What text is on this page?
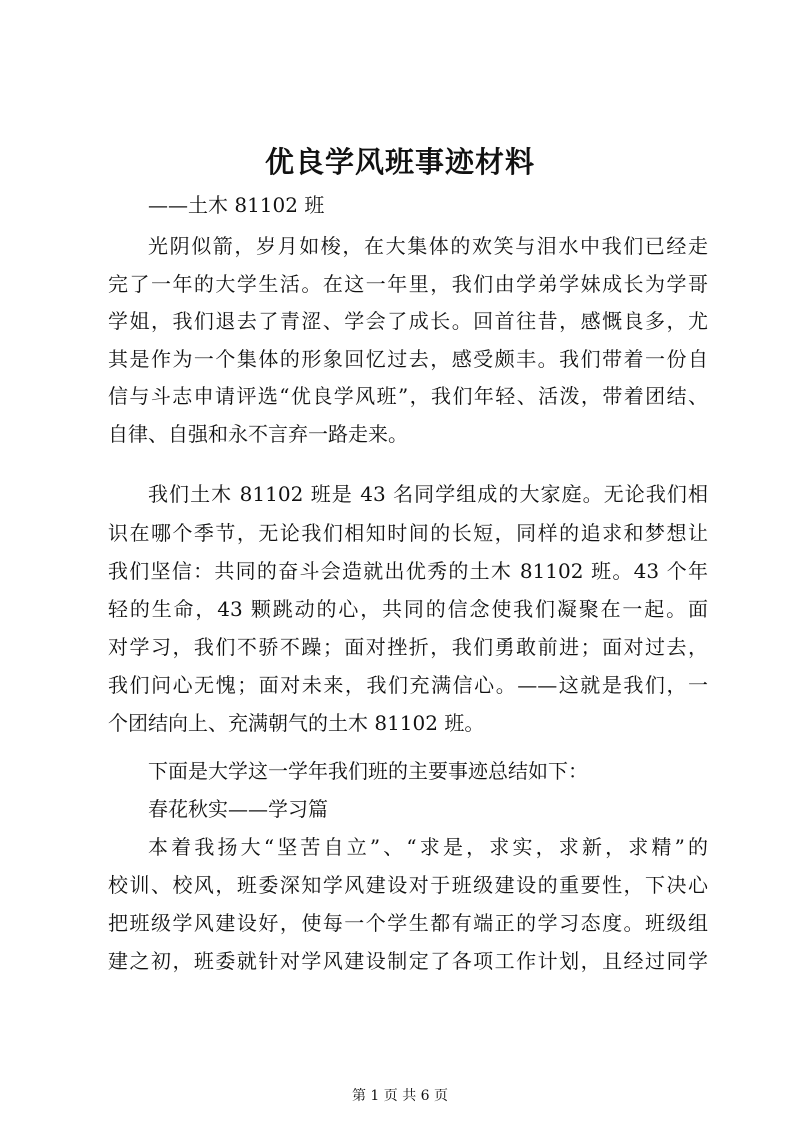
优良学风班事迹材料
——土木 81102 班
光阴似箭，岁月如梭，在大集体的欢笑与泪水中我们已经走
完了一年的大学生活。在这一年里，我们由学弟学妹成长为学哥
学姐，我们退去了青涩、学会了成长。回首往昔，感慨良多，尤
其是作为一个集体的形象回忆过去，感受颇丰。我们带着一份自
信与斗志申请评选“优良学风班”，我们年轻、活泼，带着团结、
自律、自强和永不言弃一路走来。
我们土木 81102 班是 43 名同学组成的大家庭。无论我们相
识在哪个季节，无论我们相知时间的长短，同样的追求和梦想让
我们坚信：共同的奋斗会造就出优秀的土木 81102 班。43 个年
轻的生命，43 颗跳动的心，共同的信念使我们凝聚在一起。面
对学习，我们不骄不躁；面对挫折，我们勇敢前进；面对过去，
我们问心无愧；面对未来，我们充满信心。——这就是我们，一
个团结向上、充满朝气的土木 81102 班。
下面是大学这一学年我们班的主要事迹总结如下：
春花秋实——学习篇
本着我扬大“坚苦自立”、“求是，求实，求新，求精”的
校训、校风，班委深知学风建设对于班级建设的重要性，下决心
把班级学风建设好，使每一个学生都有端正的学习态度。班级组
建之初，班委就针对学风建设制定了各项工作计划，且经过同学
第 1 页 共 6 页
